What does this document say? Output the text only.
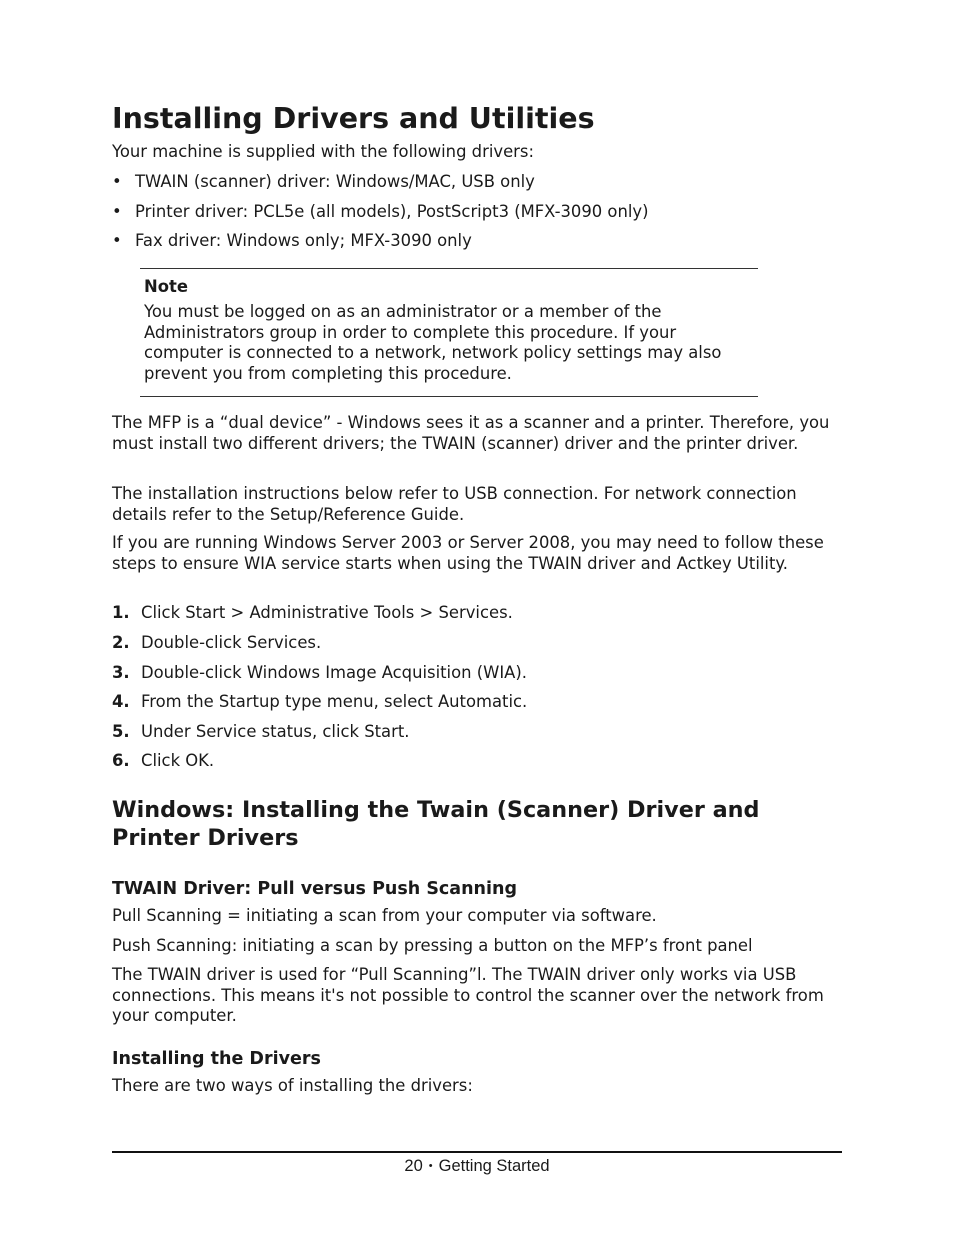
Installing Drivers and Utilities

Your machine is supplied with the following drivers:

• TWAIN (scanner) driver: Windows/MAC, USB only
• Printer driver: PCL5e (all models), PostScript3 (MFX-3090 only)
• Fax driver: Windows only; MFX-3090 only
Note
You must be logged on as an administrator or a member of the Administrators group in order to complete this procedure. If your computer is connected to a network, network policy settings may also prevent you from completing this procedure.

The MFP is a “dual device” - Windows sees it as a scanner and a printer. Therefore, you must install two different drivers; the TWAIN (scanner) driver and the printer driver.

The installation instructions below refer to USB connection. For network connection details refer to the Setup/Reference Guide.

If you are running Windows Server 2003 or Server 2008, you may need to follow these steps to ensure WIA service starts when using the TWAIN driver and Actkey Utility.

1. Click Start > Administrative Tools > Services.
2. Double-click Services.
3. Double-click Windows Image Acquisition (WIA).
4. From the Startup type menu, select Automatic.
5. Under Service status, click Start.
6. Click OK.
Windows: Installing the Twain (Scanner) Driver and Printer Drivers
TWAIN Driver: Pull versus Push Scanning

Pull Scanning = initiating a scan from your computer via software.

Push Scanning: initiating a scan by pressing a button on the MFP’s front panel

The TWAIN driver is used for “Pull Scanning”l. The TWAIN driver only works via USB connections. This means it's not possible to control the scanner over the network from your computer.

Installing the Drivers

There are two ways of installing the drivers:

20 • Getting Started
